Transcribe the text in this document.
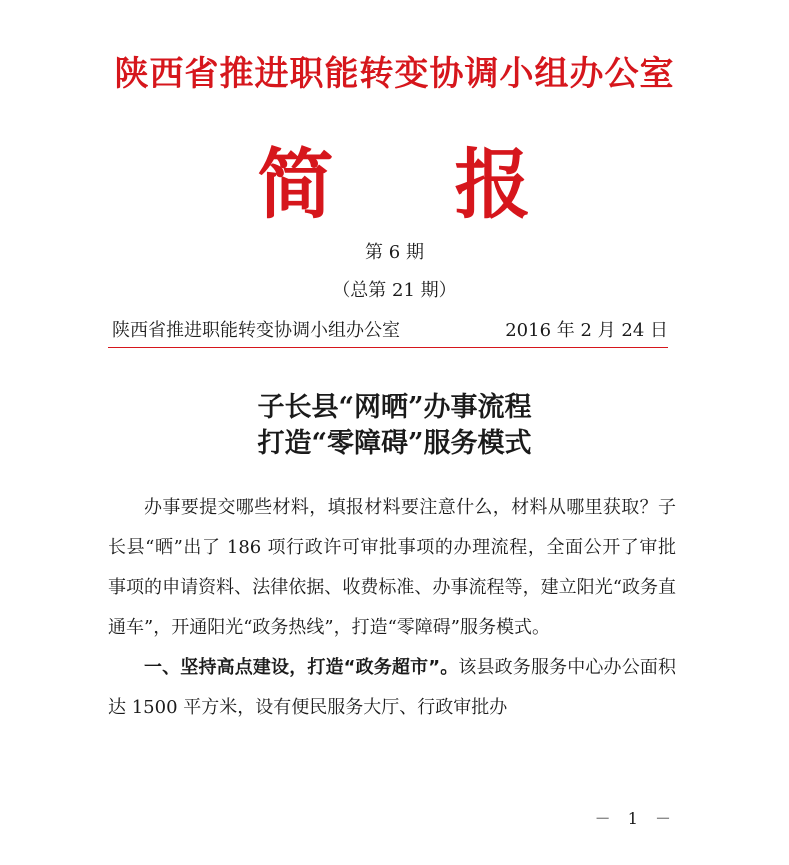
陕西省推进职能转变协调小组办公室
简 报
第 6 期
（总第 21 期）
陕西省推进职能转变协调小组办公室	2016 年 2 月 24 日
子长县“网晒”办事流程
打造“零障碍”服务模式

办事要提交哪些材料，填报材料要注意什么，材料从哪里获取？子长县“晒”出了 186 项行政许可审批事项的办理流程，全面公开了审批事项的申请资料、法律依据、收费标准、办事流程等，建立阳光“政务直通车”，开通阳光“政务热线”，打造“零障碍”服务模式。

一、坚持高点建设，打造“政务超市”。该县政务服务中心办公面积达 1500 平方米，设有便民服务大厅、行政审批办

－ 1 －
